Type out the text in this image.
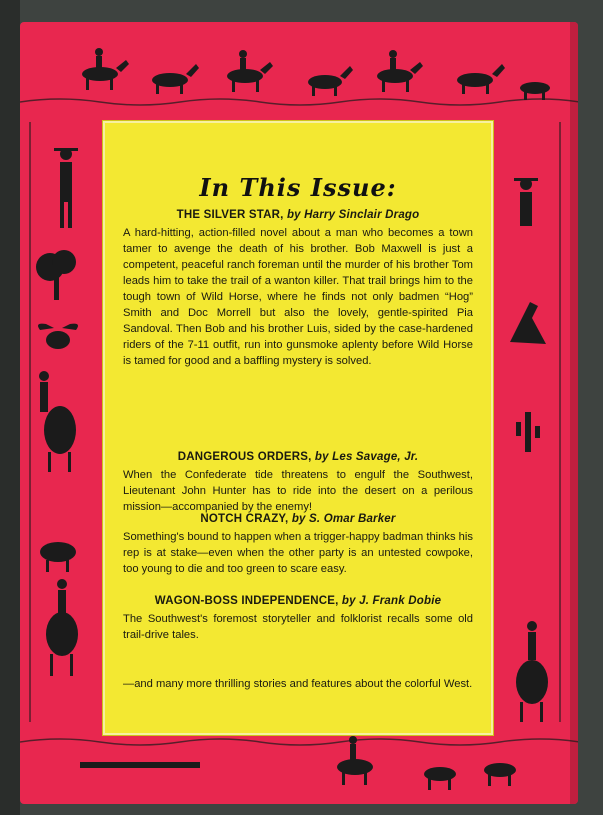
In This Issue:
THE SILVER STAR, by Harry Sinclair Drago

A hard-hitting, action-filled novel about a man who becomes a town tamer to avenge the death of his brother. Bob Maxwell is just a competent, peaceful ranch foreman until the murder of his brother Tom leads him to take the trail of a wanton killer. That trail brings him to the tough town of Wild Horse, where he finds not only badmen “Hog” Smith and Doc Morrell but also the lovely, gentle-spirited Pia Sandoval. Then Bob and his brother Luis, sided by the case-hardened riders of the 7-11 outfit, run into gunsmoke aplenty before Wild Horse is tamed for good and a baffling mystery is solved.

DANGEROUS ORDERS, by Les Savage, Jr.

When the Confederate tide threatens to engulf the Southwest, Lieutenant John Hunter has to ride into the desert on a perilous mission—accompanied by the enemy!

NOTCH CRAZY, by S. Omar Barker

Something's bound to happen when a trigger-happy badman thinks his rep is at stake—even when the other party is an untested cowpoke, too young to die and too green to scare easy.

WAGON-BOSS INDEPENDENCE, by J. Frank Dobie

The Southwest's foremost storyteller and folklorist recalls some old trail-drive tales.

—and many more thrilling stories and features about the colorful West.
